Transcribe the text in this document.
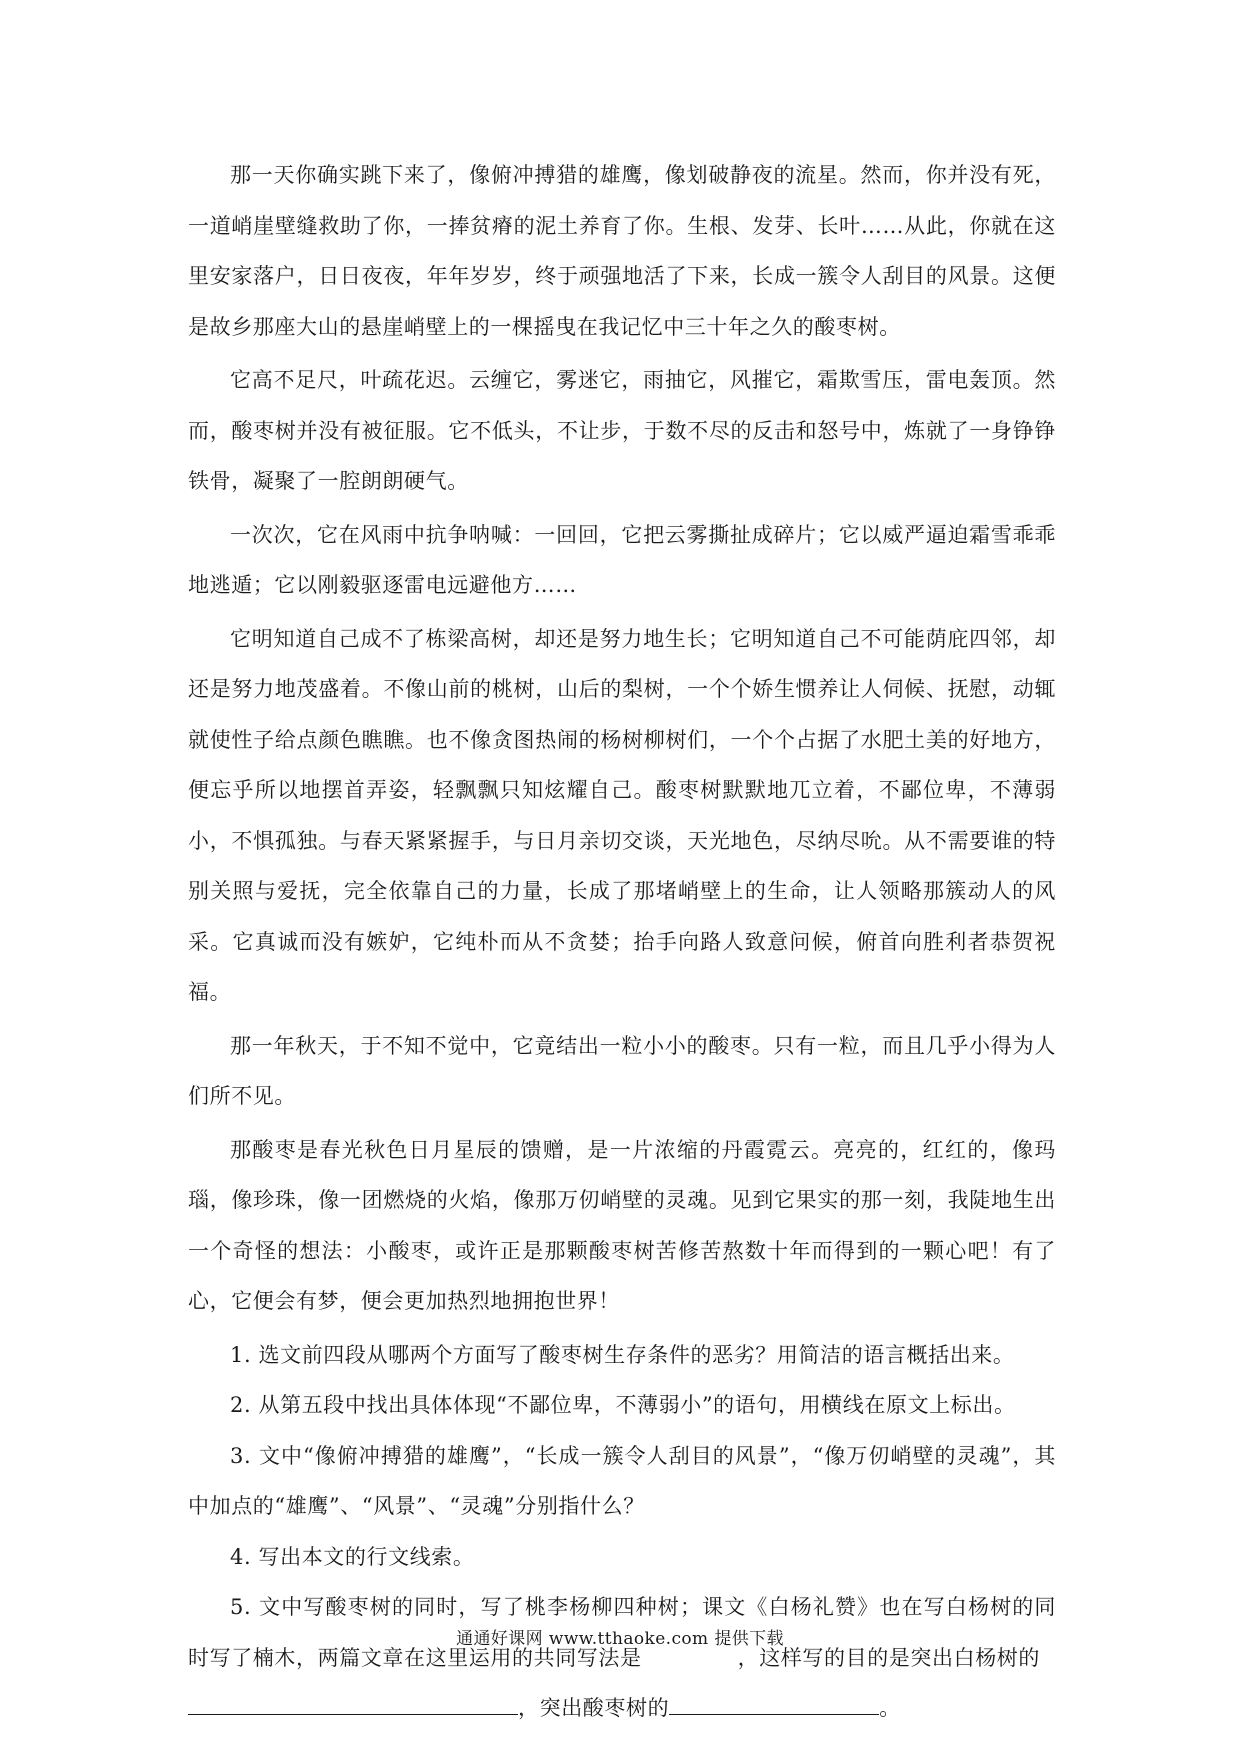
那一天你确实跳下来了，像俯冲搏猎的雄鹰，像划破静夜的流星。然而，你并没有死，一道峭崖壁缝救助了你，一捧贫瘠的泥土养育了你。生根、发芽、长叶……从此，你就在这里安家落户，日日夜夜，年年岁岁，终于顽强地活了下来，长成一簇令人刮目的风景。这便是故乡那座大山的悬崖峭壁上的一棵摇曳在我记忆中三十年之久的酸枣树。

它高不足尺，叶疏花迟。云缠它，雾迷它，雨抽它，风摧它，霜欺雪压，雷电轰顶。然而，酸枣树并没有被征服。它不低头，不让步，于数不尽的反击和怒号中，炼就了一身铮铮铁骨，凝聚了一腔朗朗硬气。

一次次，它在风雨中抗争呐喊：一回回，它把云雾撕扯成碎片；它以威严逼迫霜雪乖乖地逃遁；它以刚毅驱逐雷电远避他方……

它明知道自己成不了栋梁高树，却还是努力地生长；它明知道自己不可能荫庇四邻，却还是努力地茂盛着。不像山前的桃树，山后的梨树，一个个娇生惯养让人伺候、抚慰，动辄就使性子给点颜色瞧瞧。也不像贪图热闹的杨树柳树们，一个个占据了水肥土美的好地方，便忘乎所以地摆首弄姿，轻飘飘只知炫耀自己。酸枣树默默地兀立着，不鄙位卑，不薄弱小，不惧孤独。与春天紧紧握手，与日月亲切交谈，天光地色，尽纳尽吮。从不需要谁的特别关照与爱抚，完全依靠自己的力量，长成了那堵峭壁上的生命，让人领略那簇动人的风采。它真诚而没有嫉妒，它纯朴而从不贪婪；抬手向路人致意问候，俯首向胜利者恭贺祝福。

那一年秋天，于不知不觉中，它竟结出一粒小小的酸枣。只有一粒，而且几乎小得为人们所不见。

那酸枣是春光秋色日月星辰的馈赠，是一片浓缩的丹霞霓云。亮亮的，红红的，像玛瑙，像珍珠，像一团燃烧的火焰，像那万仞峭壁的灵魂。见到它果实的那一刻，我陡地生出一个奇怪的想法：小酸枣，或许正是那颗酸枣树苦修苦熬数十年而得到的一颗心吧！有了心，它便会有梦，便会更加热烈地拥抱世界！

1. 选文前四段从哪两个方面写了酸枣树生存条件的恶劣？用简洁的语言概括出来。

2. 从第五段中找出具体体现“不鄙位卑，不薄弱小”的语句，用横线在原文上标出。

3. 文中“像俯冲搏猎的雄鹰”，“长成一簇令人刮目的风景”，“像万仞峭壁的灵魂”，其中加点的“雄鹰”、“风景”、“灵魂”分别指什么？

4. 写出本文的行文线索。

5. 文中写酸枣树的同时，写了桃李杨柳四种树；课文《白杨礼赞》也在写白杨树的同时写了楠木，两篇文章在这里运用的共同写法是	，这样写的目的是突出白杨树的
，突出酸枣树的	。

通通好课网 www.tthaoke.com 提供下载
